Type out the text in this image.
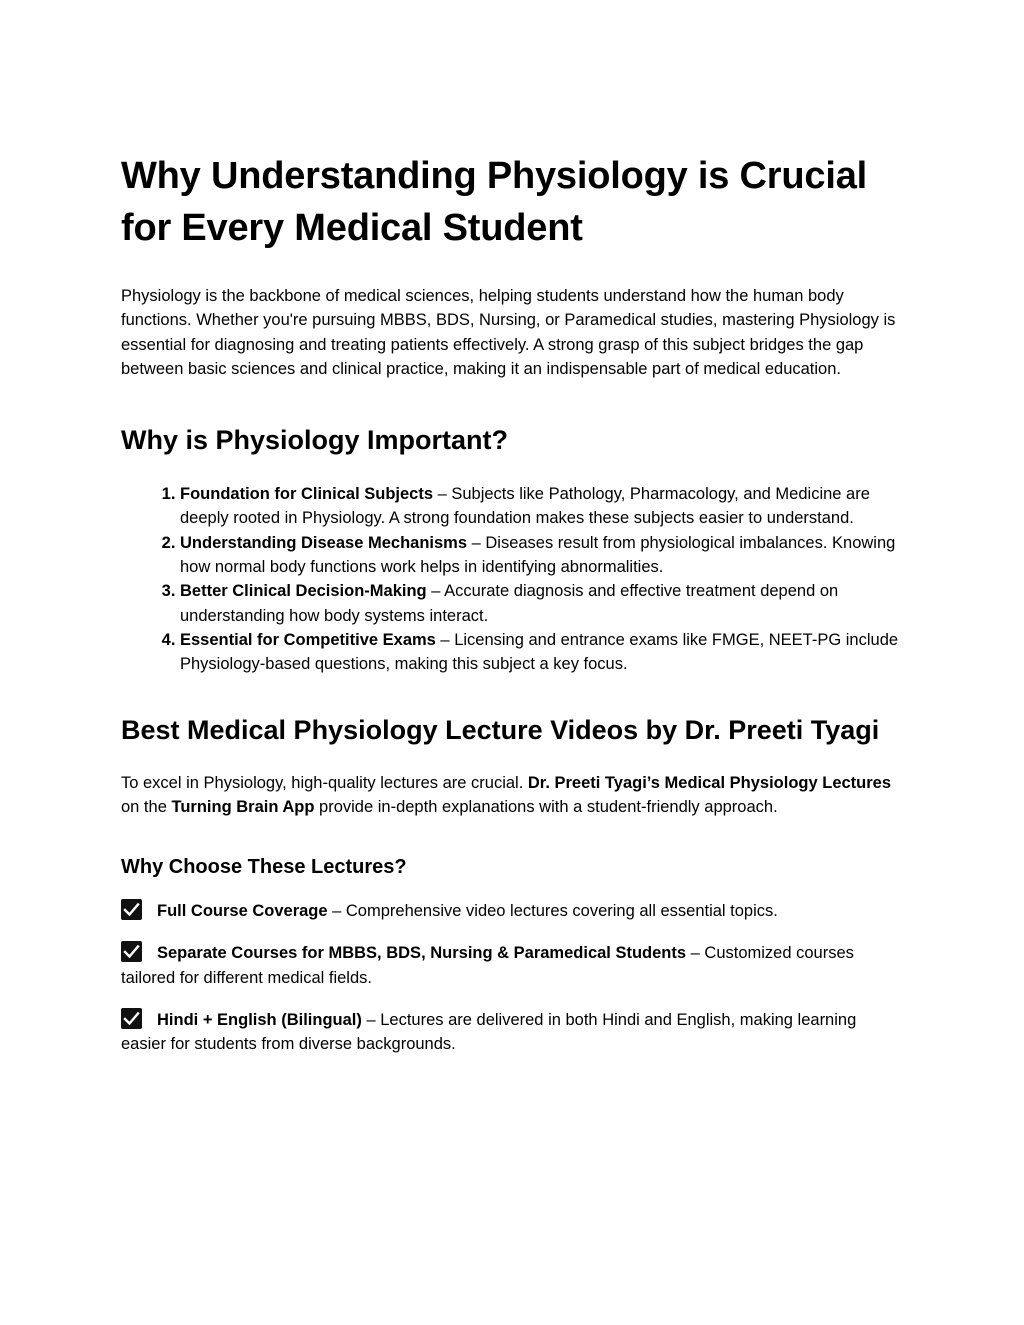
Why Understanding Physiology is Crucial for Every Medical Student

Physiology is the backbone of medical sciences, helping students understand how the human body functions. Whether you're pursuing MBBS, BDS, Nursing, or Paramedical studies, mastering Physiology is essential for diagnosing and treating patients effectively. A strong grasp of this subject bridges the gap between basic sciences and clinical practice, making it an indispensable part of medical education.

Why is Physiology Important?
1. Foundation for Clinical Subjects – Subjects like Pathology, Pharmacology, and Medicine are deeply rooted in Physiology. A strong foundation makes these subjects easier to understand.
2. Understanding Disease Mechanisms – Diseases result from physiological imbalances. Knowing how normal body functions work helps in identifying abnormalities.
3. Better Clinical Decision-Making – Accurate diagnosis and effective treatment depend on understanding how body systems interact.
4. Essential for Competitive Exams – Licensing and entrance exams like FMGE, NEET-PG include Physiology-based questions, making this subject a key focus.
Best Medical Physiology Lecture Videos by Dr. Preeti Tyagi

To excel in Physiology, high-quality lectures are crucial. Dr. Preeti Tyagi’s Medical Physiology Lectures on the Turning Brain App provide in-depth explanations with a student-friendly approach.

Why Choose These Lectures?

Full Course Coverage – Comprehensive video lectures covering all essential topics.

Separate Courses for MBBS, BDS, Nursing & Paramedical Students – Customized courses tailored for different medical fields.

Hindi + English (Bilingual) – Lectures are delivered in both Hindi and English, making learning easier for students from diverse backgrounds.
